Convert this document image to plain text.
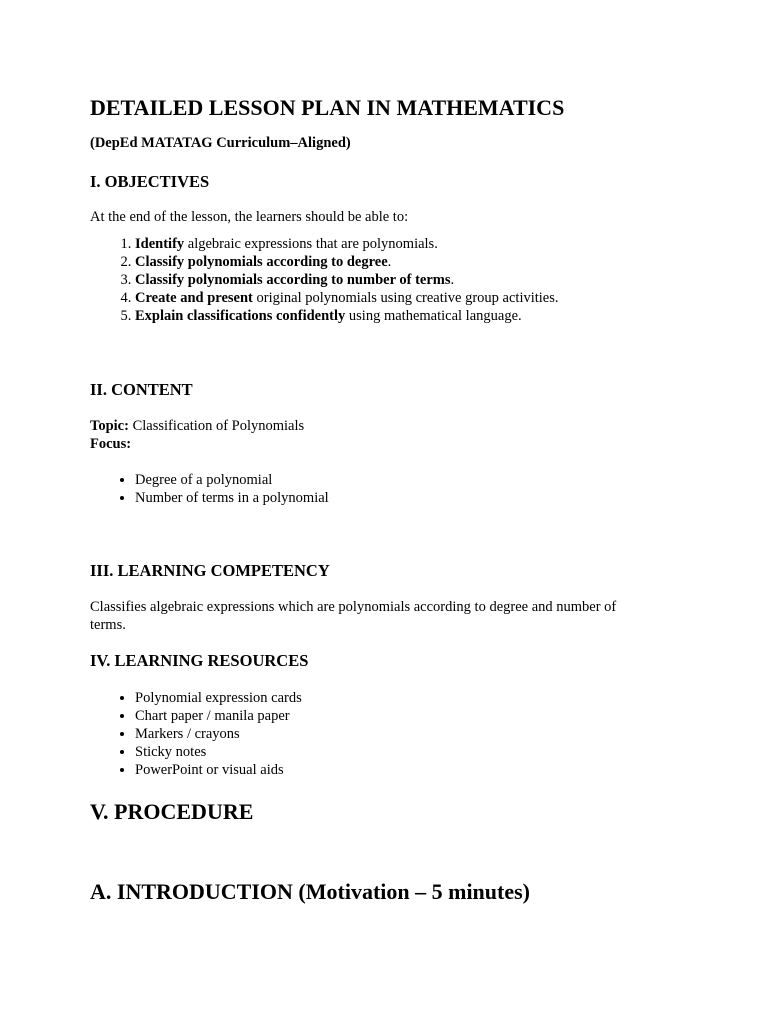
DETAILED LESSON PLAN IN MATHEMATICS

(DepEd MATATAG Curriculum–Aligned)

I. OBJECTIVES

At the end of the lesson, the learners should be able to:

1. Identify algebraic expressions that are polynomials.
2. Classify polynomials according to degree.
3. Classify polynomials according to number of terms.
4. Create and present original polynomials using creative group activities.
5. Explain classifications confidently using mathematical language.
II. CONTENT

Topic: Classification of Polynomials

Focus:

• Degree of a polynomial
• Number of terms in a polynomial
III. LEARNING COMPETENCY

Classifies algebraic expressions which are polynomials according to degree and number of terms.

IV. LEARNING RESOURCES
• Polynomial expression cards
• Chart paper / manila paper
• Markers / crayons
• Sticky notes
• PowerPoint or visual aids
V. PROCEDURE
A. INTRODUCTION (Motivation – 5 minutes)
